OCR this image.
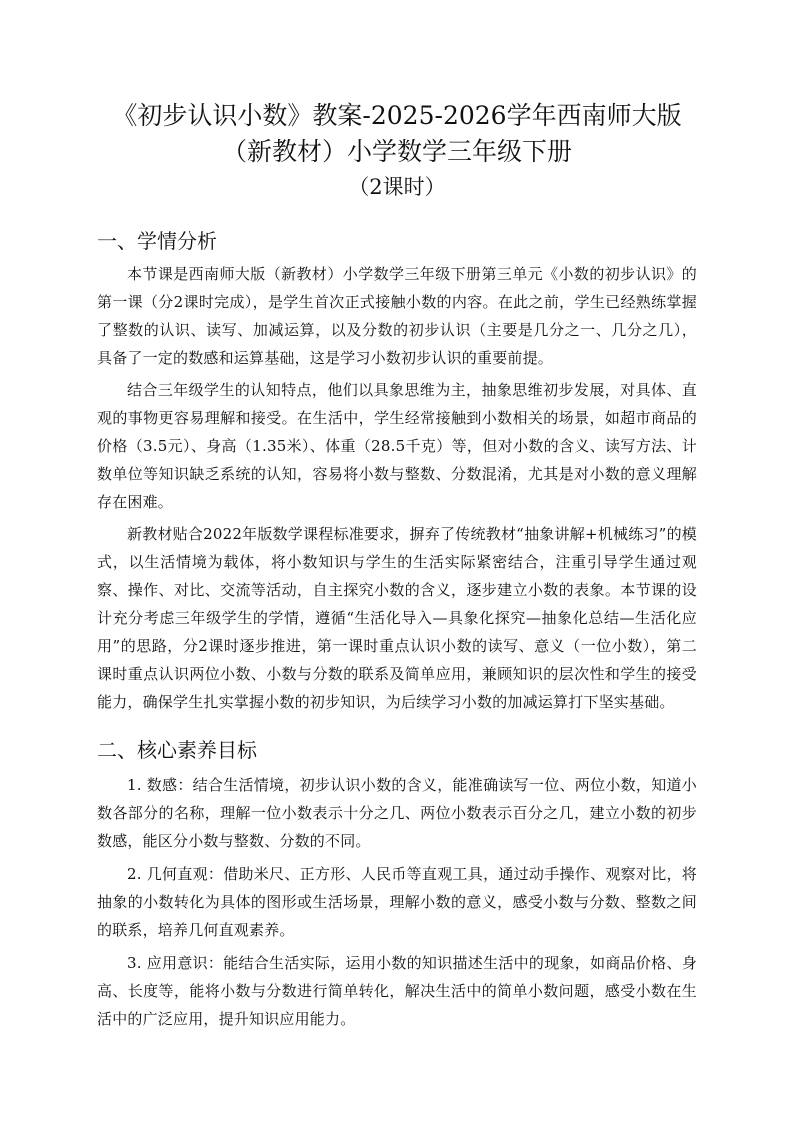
《初步认识小数》教案-2025-2026学年西南师大版（新教材）小学数学三年级下册
（2课时）
一、学情分析

本节课是西南师大版（新教材）小学数学三年级下册第三单元《小数的初步认识》的第一课（分2课时完成），是学生首次正式接触小数的内容。在此之前，学生已经熟练掌握了整数的认识、读写、加减运算，以及分数的初步认识（主要是几分之一、几分之几），具备了一定的数感和运算基础，这是学习小数初步认识的重要前提。

结合三年级学生的认知特点，他们以具象思维为主，抽象思维初步发展，对具体、直观的事物更容易理解和接受。在生活中，学生经常接触到小数相关的场景，如超市商品的价格（3.5元）、身高（1.35米）、体重（28.5千克）等，但对小数的含义、读写方法、计数单位等知识缺乏系统的认知，容易将小数与整数、分数混淆，尤其是对小数的意义理解存在困难。

新教材贴合2022年版数学课程标准要求，摒弃了传统教材“抽象讲解+机械练习”的模式，以生活情境为载体，将小数知识与学生的生活实际紧密结合，注重引导学生通过观察、操作、对比、交流等活动，自主探究小数的含义，逐步建立小数的表象。本节课的设计充分考虑三年级学生的学情，遵循“生活化导入—具象化探究—抽象化总结—生活化应用”的思路，分2课时逐步推进，第一课时重点认识小数的读写、意义（一位小数），第二课时重点认识两位小数、小数与分数的联系及简单应用，兼顾知识的层次性和学生的接受能力，确保学生扎实掌握小数的初步知识，为后续学习小数的加减运算打下坚实基础。

二、核心素养目标

1. 数感：结合生活情境，初步认识小数的含义，能准确读写一位、两位小数，知道小数各部分的名称，理解一位小数表示十分之几、两位小数表示百分之几，建立小数的初步数感，能区分小数与整数、分数的不同。

2. 几何直观：借助米尺、正方形、人民币等直观工具，通过动手操作、观察对比，将抽象的小数转化为具体的图形或生活场景，理解小数的意义，感受小数与分数、整数之间的联系，培养几何直观素养。

3. 应用意识：能结合生活实际，运用小数的知识描述生活中的现象，如商品价格、身高、长度等，能将小数与分数进行简单转化，解决生活中的简单小数问题，感受小数在生活中的广泛应用，提升知识应用能力。
